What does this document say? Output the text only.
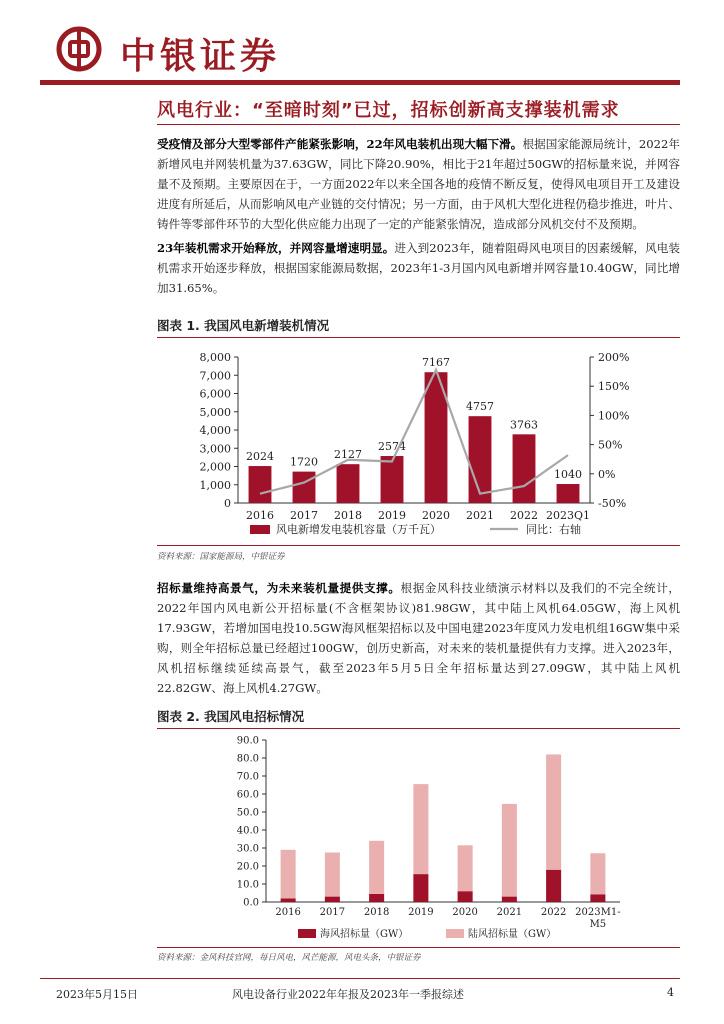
中银证券
风电行业：“至暗时刻”已过，招标创新高支撑装机需求
受疫情及部分大型零部件产能紧张影响，22年风电装机出现大幅下滑。根据国家能源局统计，2022年新增风电并网装机量为37.63GW，同比下降20.90%，相比于21年超过50GW的招标量来说，并网容量不及预期。主要原因在于，一方面2022年以来全国各地的疫情不断反复，使得风电项目开工及建设进度有所延后，从而影响风电产业链的交付情况；另一方面，由于风机大型化进程仍稳步推进，叶片、铸件等零部件环节的大型化供应能力出现了一定的产能紧张情况，造成部分风机交付不及预期。
23年装机需求开始释放，并网容量增速明显。进入到2023年，随着阻碍风电项目的因素缓解，风电装机需求开始逐步释放，根据国家能源局数据，2023年1-3月国内风电新增并网容量10.40GW，同比增加31.65%。
图表 1. 我国风电新增装机情况
0
1,000
2,000
3,000
4,000
5,000
6,000
7,000
8,000
-50%
0%
50%
100%
150%
200%
2024
2016
1720
2017
2127
2018
2574
2019
7167
2020
4757
2021
3763
2022
1040
2023Q1
风电新增发电装机容量（万千瓦）	同比：右轴
资料来源：国家能源局，中银证券
招标量维持高景气，为未来装机量提供支撑。根据金风科技业绩演示材料以及我们的不完全统计，2022年国内风电新公开招标量(不含框架协议)81.98GW，其中陆上风机64.05GW，海上风机17.93GW，若增加国电投10.5GW海风框架招标以及中国电建2023年度风力发电机组16GW集中采购，则全年招标总量已经超过100GW，创历史新高，对未来的装机量提供有力支撑。进入2023年，风机招标继续延续高景气，截至2023年5月5日全年招标量达到27.09GW，其中陆上风机22.82GW、海上风机4.27GW。
图表 2. 我国风电招标情况
0.0
10.0
20.0
30.0
40.0
50.0
60.0
70.0
80.0
90.0
2016 2017 2018 2019 2020 2021 2022 2023M1-
M5
海风招标量（GW）	陆风招标量（GW）
资料来源：金风科技官网，每日风电，风芒能源，风电头条，中银证券
2023年5月15日	风电设备行业2022年年报及2023年一季报综述	4
